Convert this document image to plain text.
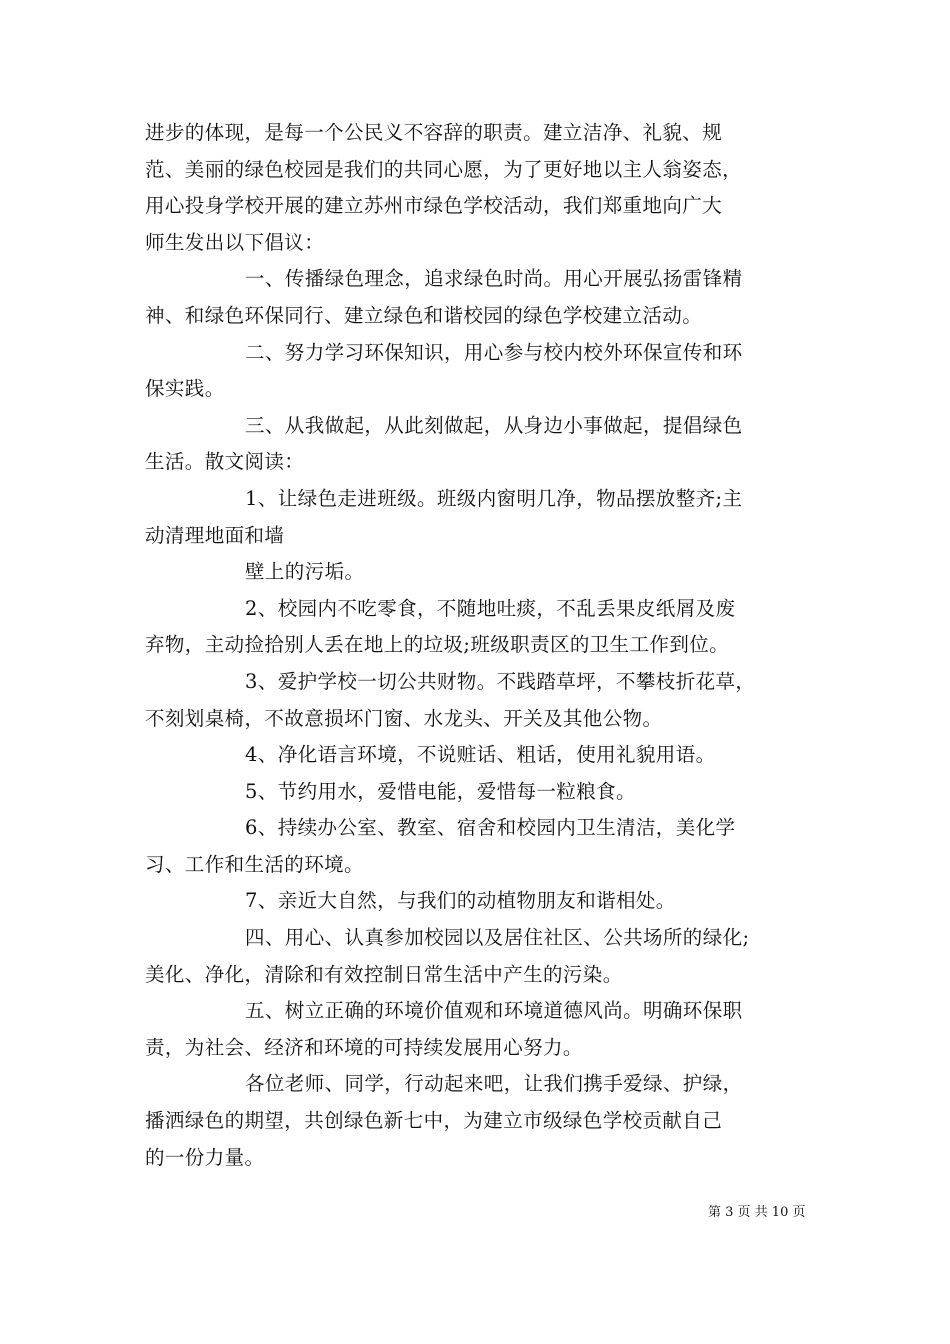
进步的体现，是每一个公民义不容辞的职责。建立洁净、礼貌、规
范、美丽的绿色校园是我们的共同心愿，为了更好地以主人翁姿态，
用心投身学校开展的建立苏州市绿色学校活动，我们郑重地向广大
师生发出以下倡议：
一、传播绿色理念，追求绿色时尚。用心开展弘扬雷锋精
神、和绿色环保同行、建立绿色和谐校园的绿色学校建立活动。
二、努力学习环保知识，用心参与校内校外环保宣传和环
保实践。
三、从我做起，从此刻做起，从身边小事做起，提倡绿色
生活。散文阅读：
1、让绿色走进班级。班级内窗明几净，物品摆放整齐;主
动清理地面和墙
壁上的污垢。
2、校园内不吃零食，不随地吐痰，不乱丢果皮纸屑及废
弃物，主动捡拾别人丢在地上的垃圾;班级职责区的卫生工作到位。
3、爱护学校一切公共财物。不践踏草坪，不攀枝折花草，
不刻划桌椅，不故意损坏门窗、水龙头、开关及其他公物。
4、净化语言环境，不说赃话、粗话，使用礼貌用语。
5、节约用水，爱惜电能，爱惜每一粒粮食。
6、持续办公室、教室、宿舍和校园内卫生清洁，美化学
习、工作和生活的环境。
7、亲近大自然，与我们的动植物朋友和谐相处。
四、用心、认真参加校园以及居住社区、公共场所的绿化;
美化、净化，清除和有效控制日常生活中产生的污染。
五、树立正确的环境价值观和环境道德风尚。明确环保职
责，为社会、经济和环境的可持续发展用心努力。
各位老师、同学，行动起来吧，让我们携手爱绿、护绿，
播洒绿色的期望，共创绿色新七中，为建立市级绿色学校贡献自己
的一份力量。
第 3 页 共 10 页
